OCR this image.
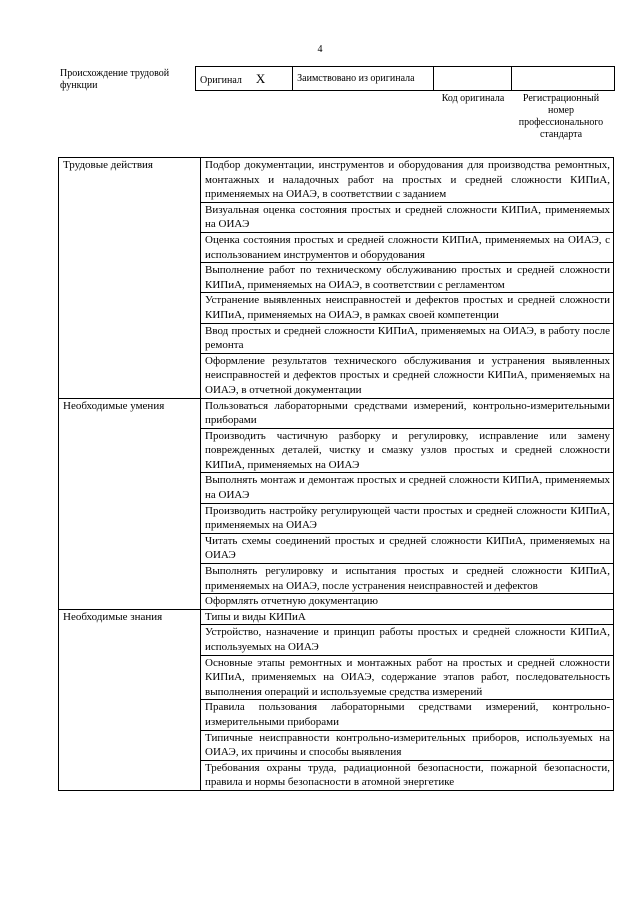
4
Происхождение трудовой функции	Оригинал X	Заимствовано из оригинала		
Код оригинала	Регистрационный номер профессионального стандарта
Трудовые действия	Подбор документации, инструментов и оборудования для производства ремонтных, монтажных и наладочных работ на простых и средней сложности КИПиА, применяемых на ОИАЭ, в соответствии с заданием
	Визуальная оценка состояния простых и средней сложности КИПиА, применяемых на ОИАЭ
	Оценка состояния простых и средней сложности КИПиА, применяемых на ОИАЭ, с использованием инструментов и оборудования
	Выполнение работ по техническому обслуживанию простых и средней сложности КИПиА, применяемых на ОИАЭ, в соответствии с регламентом
	Устранение выявленных неисправностей и дефектов простых и средней сложности КИПиА, применяемых на ОИАЭ, в рамках своей компетенции
	Ввод простых и средней сложности КИПиА, применяемых на ОИАЭ, в работу после ремонта
	Оформление результатов технического обслуживания и устранения выявленных неисправностей и дефектов простых и средней сложности КИПиА, применяемых на ОИАЭ, в отчетной документации
Необходимые умения	Пользоваться лабораторными средствами измерений, контрольно-измерительными приборами
	Производить частичную разборку и регулировку, исправление или замену поврежденных деталей, чистку и смазку узлов простых и средней сложности КИПиА, применяемых на ОИАЭ
	Выполнять монтаж и демонтаж простых и средней сложности КИПиА, применяемых на ОИАЭ
	Производить настройку регулирующей части простых и средней сложности КИПиА, применяемых на ОИАЭ
	Читать схемы соединений простых и средней сложности КИПиА, применяемых на ОИАЭ
	Выполнять регулировку и испытания простых и средней сложности КИПиА, применяемых на ОИАЭ, после устранения неисправностей и дефектов
	Оформлять отчетную документацию
Необходимые знания	Типы и виды КИПиА
	Устройство, назначение и принцип работы простых и средней сложности КИПиА, используемых на ОИАЭ
	Основные этапы ремонтных и монтажных работ на простых и средней сложности КИПиА, применяемых на ОИАЭ, содержание этапов работ, последовательность выполнения операций и используемые средства измерений
	Правила пользования лабораторными средствами измерений, контрольно-измерительными приборами
	Типичные неисправности контрольно-измерительных приборов, используемых на ОИАЭ, их причины и способы выявления
	Требования охраны труда, радиационной безопасности, пожарной безопасности, правила и нормы безопасности в атомной энергетике
